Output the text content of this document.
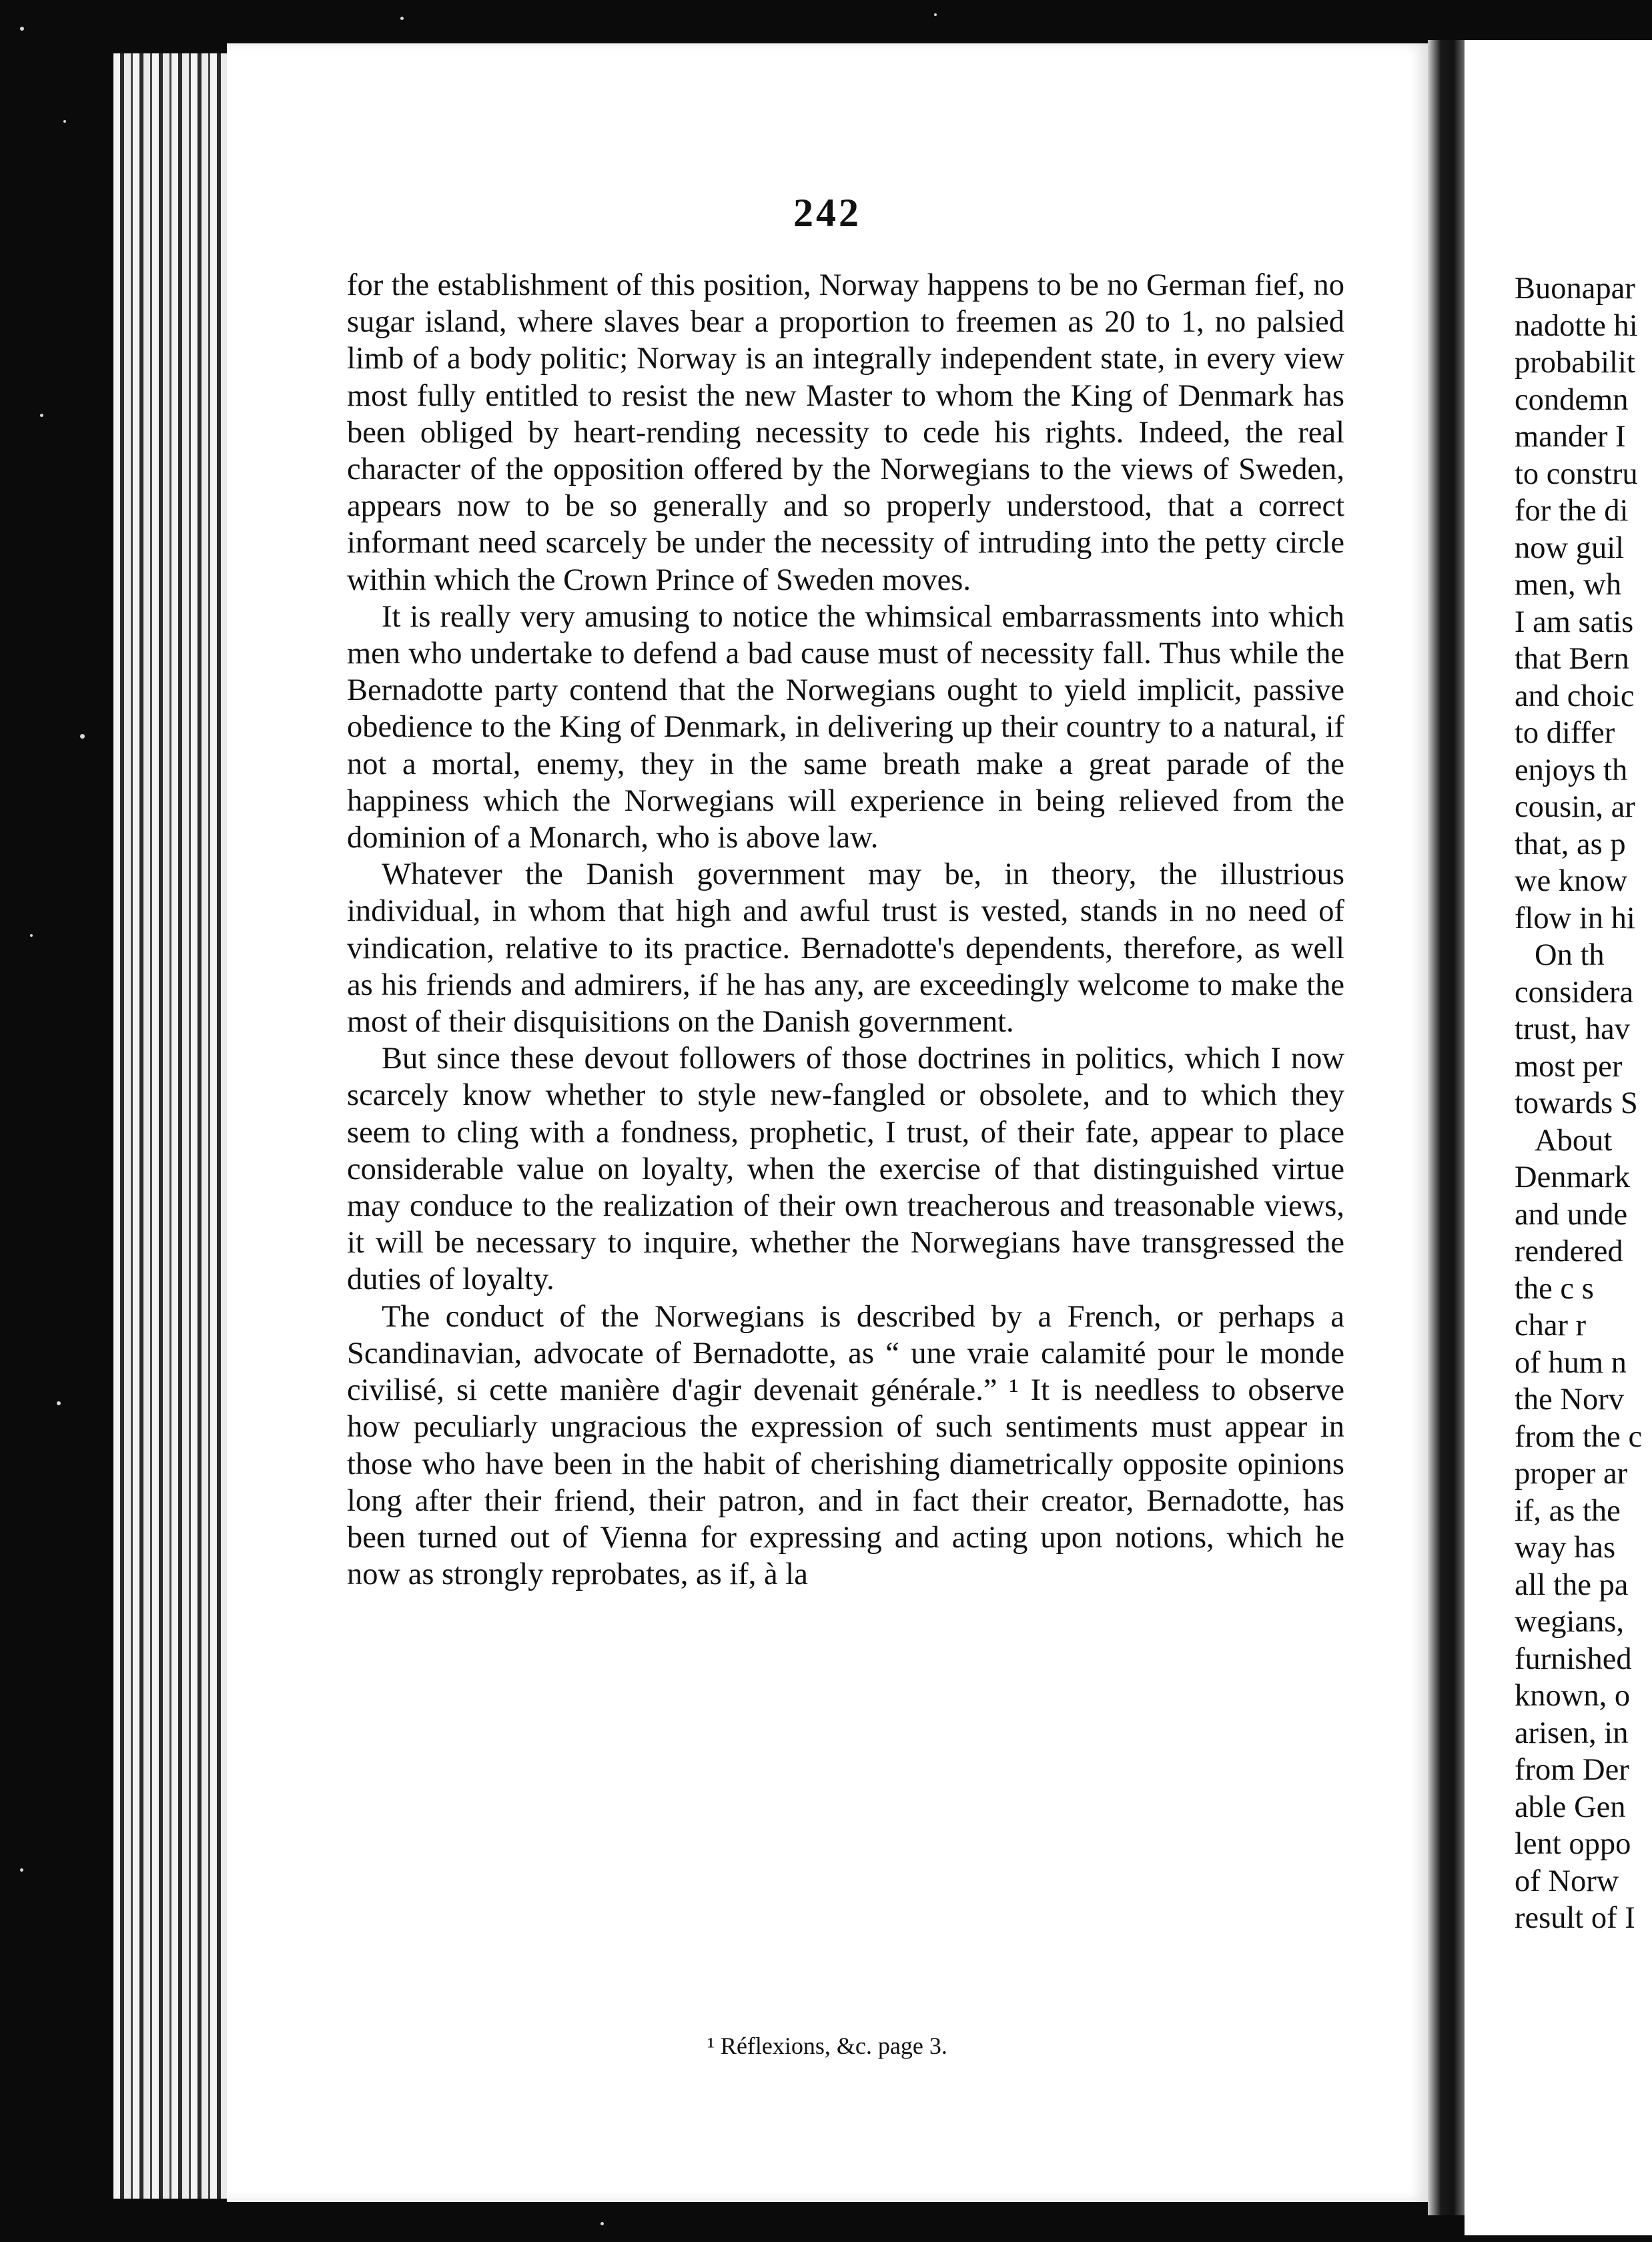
242

for the establishment of this position, Norway happens to be no German fief, no sugar island, where slaves bear a proportion to freemen as 20 to 1, no palsied limb of a body politic; Norway is an integrally independent state, in every view most fully entitled to resist the new Master to whom the King of Denmark has been obliged by heart-rending necessity to cede his rights. Indeed, the real character of the opposition offered by the Norwegians to the views of Sweden, appears now to be so generally and so properly understood, that a correct informant need scarcely be under the necessity of intruding into the petty circle within which the Crown Prince of Sweden moves.

It is really very amusing to notice the whimsical embarrassments into which men who undertake to defend a bad cause must of necessity fall. Thus while the Bernadotte party contend that the Norwegians ought to yield implicit, passive obedience to the King of Denmark, in delivering up their country to a natural, if not a mortal, enemy, they in the same breath make a great parade of the happiness which the Norwegians will experience in being relieved from the dominion of a Monarch, who is above law.

Whatever the Danish government may be, in theory, the illustrious individual, in whom that high and awful trust is vested, stands in no need of vindication, relative to its practice. Bernadotte's dependents, therefore, as well as his friends and admirers, if he has any, are exceedingly welcome to make the most of their disquisitions on the Danish government.

But since these devout followers of those doctrines in politics, which I now scarcely know whether to style new-fangled or obsolete, and to which they seem to cling with a fondness, prophetic, I trust, of their fate, appear to place considerable value on loyalty, when the exercise of that distinguished virtue may conduce to the realization of their own treacherous and treasonable views, it will be necessary to inquire, whether the Norwegians have transgressed the duties of loyalty.

The conduct of the Norwegians is described by a French, or perhaps a Scandinavian, advocate of Bernadotte, as “ une vraie calamité pour le monde civilisé, si cette manière d'agir devenait générale.” ¹ It is needless to observe how peculiarly ungracious the expression of such sentiments must appear in those who have been in the habit of cherishing diametrically opposite opinions long after their friend, their patron, and in fact their creator, Bernadotte, has been turned out of Vienna for expressing and acting upon notions, which he now as strongly reprobates, as if, à la

¹ Réflexions, &c. page 3.
Buonapar
nadotte hi
probabilit
condemn
mander I
to constru
for the di
now guil
men, wh
I am satis
that Bern
and choic
to differ
enjoys th
cousin, ar
that, as p
we know
flow in hi
On th
considera
trust, hav
most per
towards S
About
Denmark
and unde
rendered
the c s
char r
of hum n
the Norv
from the c
proper ar
if, as the
way has
all the pa
wegians,
furnished
known, o
arisen, in
from Der
able Gen
lent oppo
of Norw
result of I
